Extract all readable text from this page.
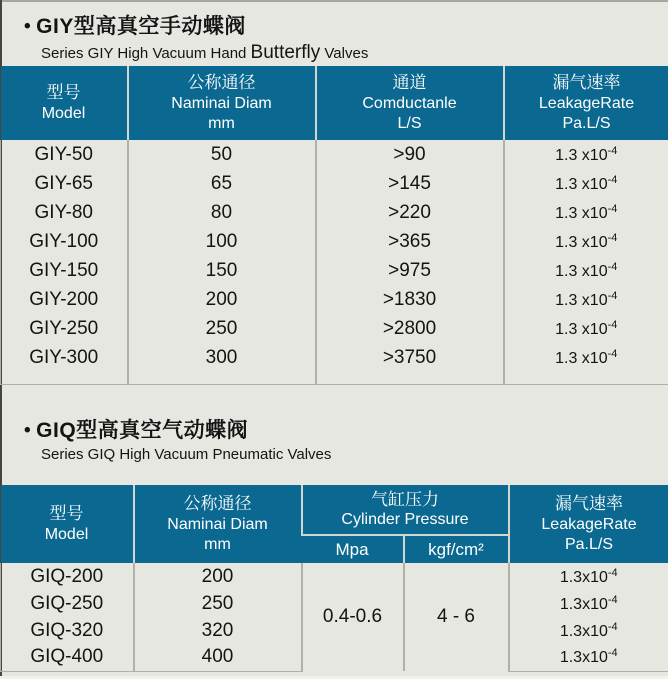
• GIY型高真空手动蝶阀
Series GIY High Vacuum Hand Butterfly Valves
型号
Model

公称通径
Naminai Diam
mm

通道
Comductanle
L/S

漏气速率
LeakageRate
Pa.L/S

GIY-50	50	>90	1.3 $x10^{-4}$
GIY-65	65	>145	1.3 $x10^{-4}$
GIY-80	80	>220	1.3 $x10^{-4}$
GIY-100	100	>365	1.3 $x10^{-4}$
GIY-150	150	>975	1.3 $x10^{-4}$
GIY-200	200	>1830	1.3 $x10^{-4}$
GIY-250	250	>2800	1.3 $x10^{-4}$
GIY-300	300	>3750	1.3 $x10^{-4}$

• GIQ型高真空气动蝶阀
Series GIQ High Vacuum Pneumatic Valves
型号
Model

公称通径
Naminai Diam
mm

气缸压力
Cylinder Pressure

漏气速率
LeakageRate
Pa.L/S

		Mpa	kgf/cm²	
GIQ-200	200	0.4-0.6	4 - 6	$1.3x10^{-4}$
GIQ-250	250			$1.3x10^{-4}$
GIQ-320	320			$1.3x10^{-4}$
GIQ-400	400			$1.3x10^{-4}$
